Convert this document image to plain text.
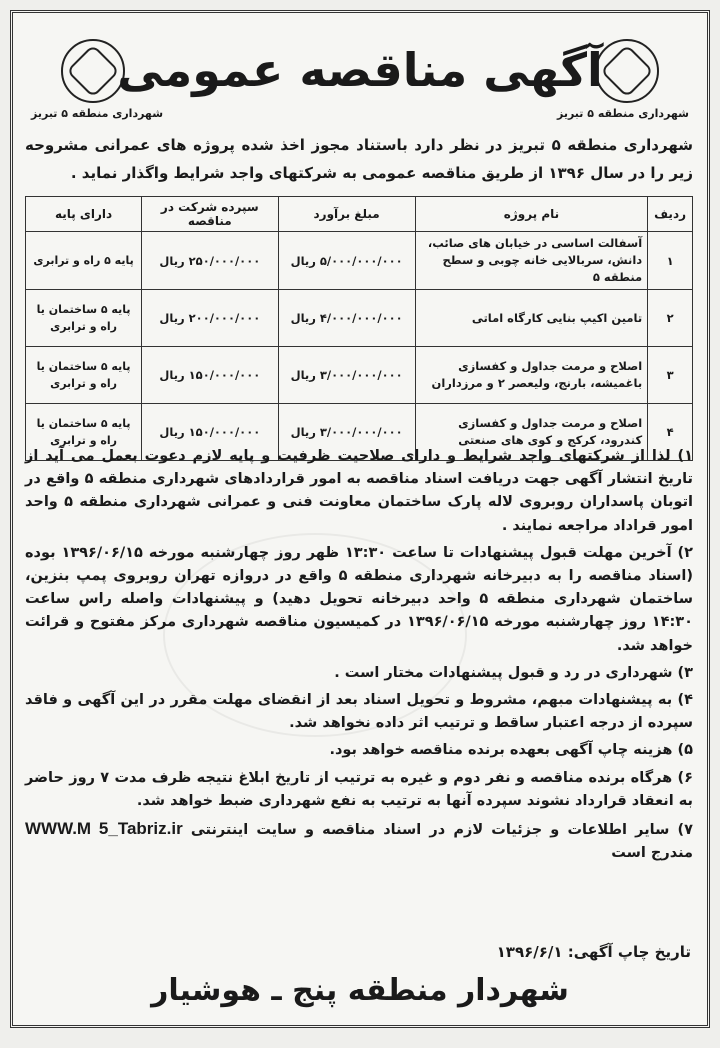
شهرداری منطقه ۵ تبریز
شهرداری منطقه ۵ تبریز
آگهی مناقصه عمومی
شهرداری منطقه ۵ تبریز در نظر دارد باستناد مجوز اخذ شده پروژه های عمرانی مشروحه زیر را در سال ۱۳۹۶ از طریق مناقصه عمومی به شرکتهای واجد شرایط واگذار نماید .
ردیف	نام پروژه	مبلغ برآورد	سپرده شرکت در مناقصه	دارای پایه
۱	آسفالت اساسی در خیابان های صائب، دانش، سربالایی خانه چوبی و سطح منطقه ۵	۵/۰۰۰/۰۰۰/۰۰۰ ریال	۲۵۰/۰۰۰/۰۰۰ ریال	پایه ۵ راه و ترابری
۲	تامین اکیپ بنایی کارگاه اماتی	۴/۰۰۰/۰۰۰/۰۰۰ ریال	۲۰۰/۰۰۰/۰۰۰ ریال	پایه ۵ ساختمان یا راه و ترابری
۳	اصلاح و مرمت جداول و کفسازی باغمیشه، بارنج، ولیعصر ۲ و مرزداران	۳/۰۰۰/۰۰۰/۰۰۰ ریال	۱۵۰/۰۰۰/۰۰۰ ریال	پایه ۵ ساختمان یا راه و ترابری
۴	اصلاح و مرمت جداول و کفسازی کندرود، کرکج و کوی های صنعتی	۳/۰۰۰/۰۰۰/۰۰۰ ریال	۱۵۰/۰۰۰/۰۰۰ ریال	پایه ۵ ساختمان یا راه و ترابری

۱) لذا از شرکتهای واجد شرایط و دارای صلاحیت ظرفیت و پایه لازم دعوت بعمل می آید از تاریخ انتشار آگهی جهت دریافت اسناد مناقصه به امور قراردادهای شهرداری منطقه ۵ واقع در اتوبان پاسداران روبروی لاله پارک ساختمان معاونت فنی و عمرانی شهرداری منطقه ۵ واحد امور قراداد مراجعه نمایند .

۲) آخرین مهلت قبول پیشنهادات تا ساعت ۱۳:۳۰ ظهر روز چهارشنبه مورخه ۱۳۹۶/۰۶/۱۵ بوده (اسناد مناقصه را به دبیرخانه شهرداری منطقه ۵ واقع در دروازه تهران روبروی پمپ بنزین، ساختمان شهرداری منطقه ۵ واحد دبیرخانه تحویل دهید) و پیشنهادات واصله راس ساعت ۱۴:۳۰ روز چهارشنبه مورخه ۱۳۹۶/۰۶/۱۵ در کمیسیون مناقصه شهرداری مرکز مفتوح و قرائت خواهد شد.

۳) شهرداری در رد و قبول پیشنهادات مختار است .

۴) به پیشنهادات مبهم، مشروط و تحویل اسناد بعد از انقضای مهلت مقرر در این آگهی و فاقد سپرده از درجه اعتبار ساقط و ترتیب اثر داده نخواهد شد.

۵) هزینه چاپ آگهی بعهده برنده مناقصه خواهد بود.

۶) هرگاه برنده مناقصه و نفر دوم و غیره به ترتیب از تاریخ ابلاغ نتیجه ظرف مدت ۷ روز حاضر به انعقاد قرارداد نشوند سپرده آنها به ترتیب به نفع شهرداری ضبط خواهد شد.

۷) سایر اطلاعات و جزئیات لازم در اسناد مناقصه و سایت اینترنتی WWW.M 5_Tabriz.ir مندرج است

تاریخ چاپ آگهی: ۱۳۹۶/۶/۱
شهردار منطقه پنج ـ هوشیار
